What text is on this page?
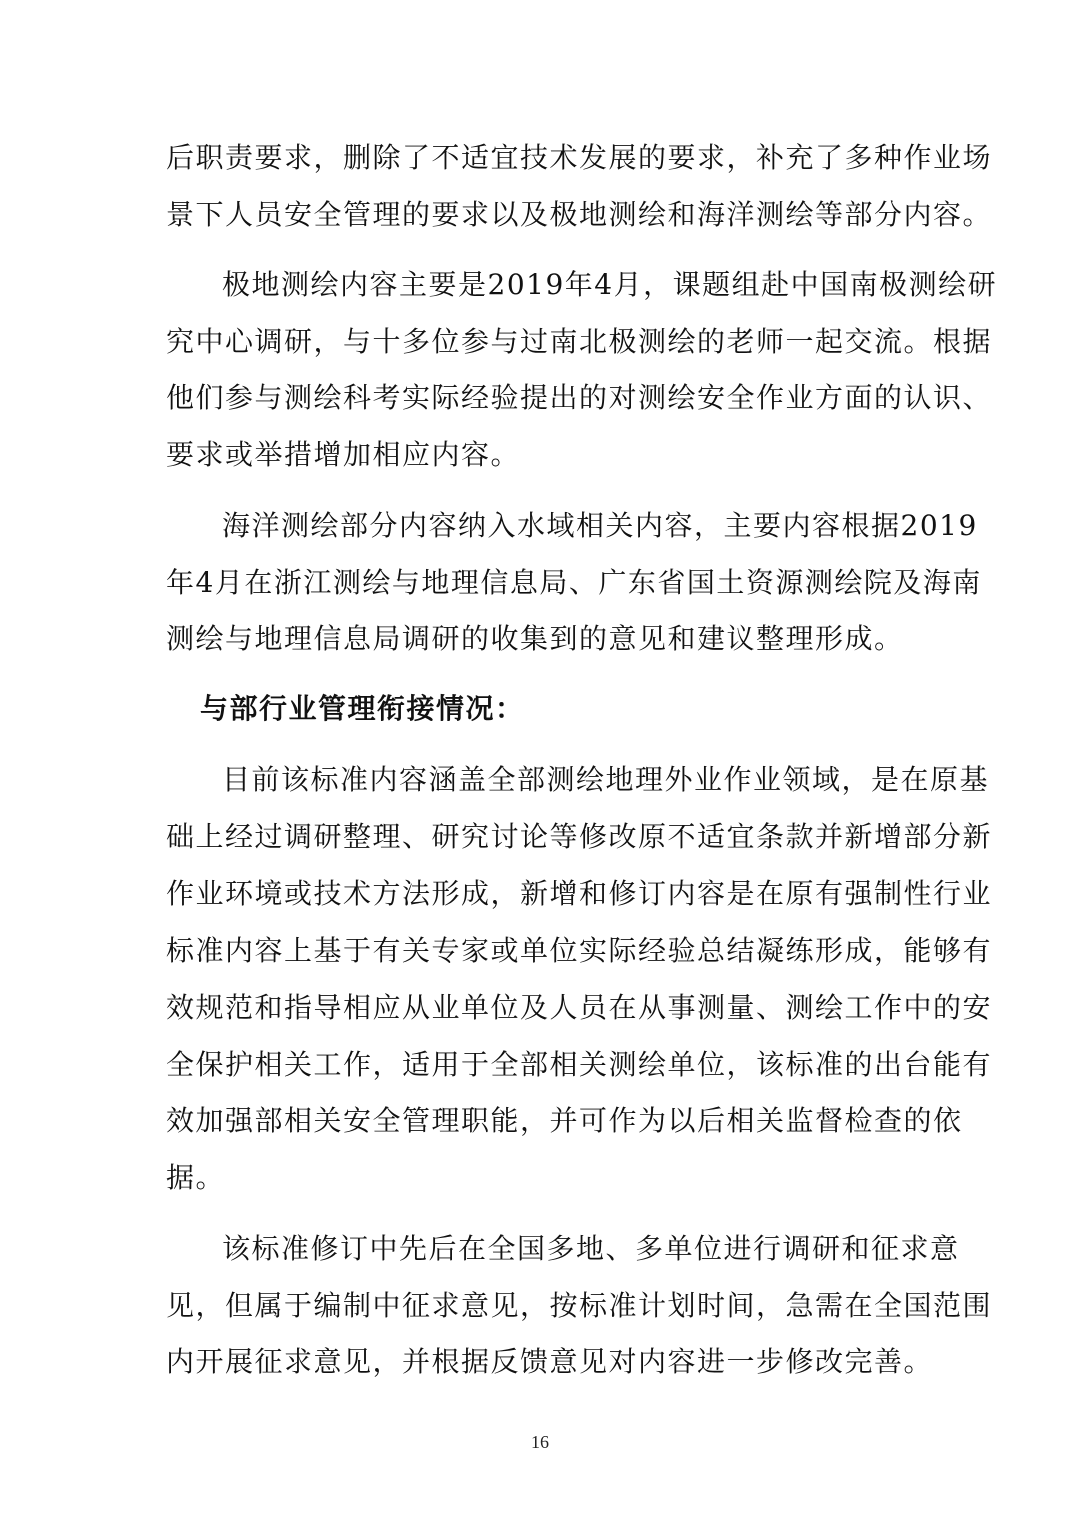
后职责要求，删除了不适宜技术发展的要求，补充了多种作业场
景下人员安全管理的要求以及极地测绘和海洋测绘等部分内容。
极地测绘内容主要是2019年4月，课题组赴中国南极测绘研
究中心调研，与十多位参与过南北极测绘的老师一起交流。根据
他们参与测绘科考实际经验提出的对测绘安全作业方面的认识、
要求或举措增加相应内容。
海洋测绘部分内容纳入水域相关内容，主要内容根据2019
年4月在浙江测绘与地理信息局、广东省国土资源测绘院及海南
测绘与地理信息局调研的收集到的意见和建议整理形成。
与部行业管理衔接情况：
目前该标准内容涵盖全部测绘地理外业作业领域，是在原基
础上经过调研整理、研究讨论等修改原不适宜条款并新增部分新
作业环境或技术方法形成，新增和修订内容是在原有强制性行业
标准内容上基于有关专家或单位实际经验总结凝练形成，能够有
效规范和指导相应从业单位及人员在从事测量、测绘工作中的安
全保护相关工作，适用于全部相关测绘单位，该标准的出台能有
效加强部相关安全管理职能，并可作为以后相关监督检查的依
据。
该标准修订中先后在全国多地、多单位进行调研和征求意
见，但属于编制中征求意见，按标准计划时间，急需在全国范围
内开展征求意见，并根据反馈意见对内容进一步修改完善。
16
